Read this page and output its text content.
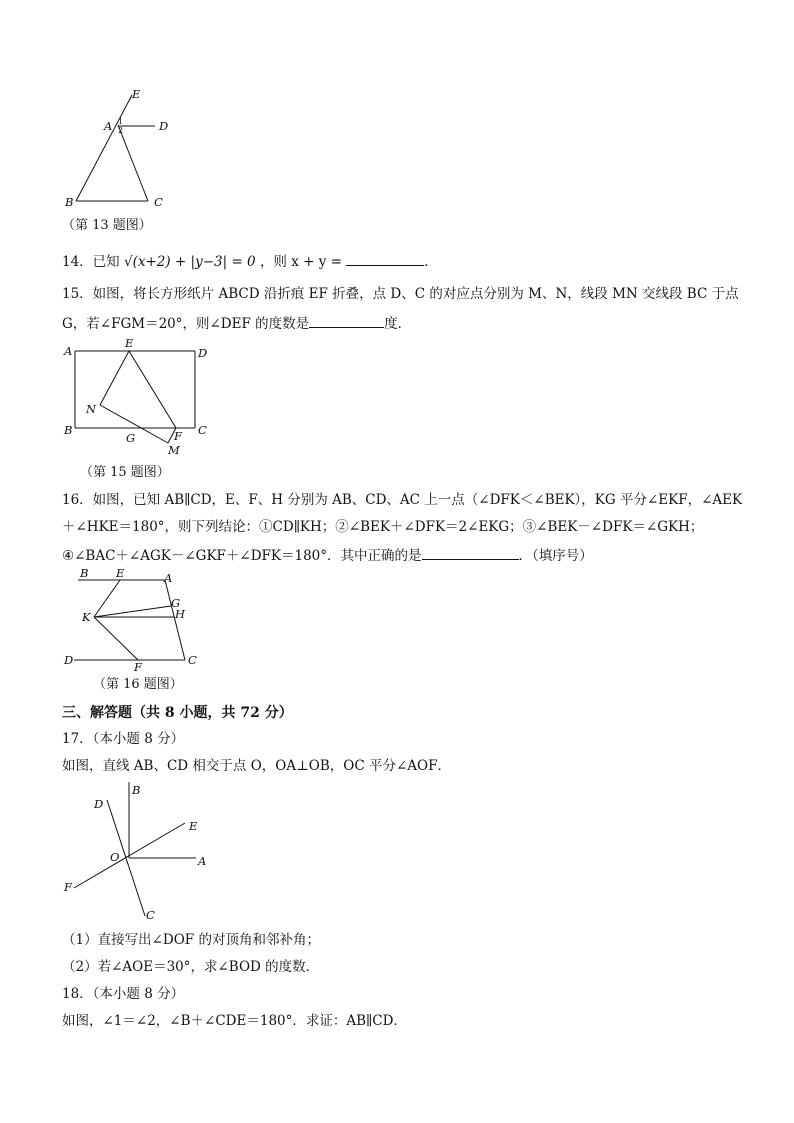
E
A 1
2	D
B	C
（第 13 题图）
14．已知 √(x+2) + |y−3| = 0 ，则 x + y =	．
15．如图，将长方形纸片 ABCD 沿折痕 EF 折叠，点 D、C 的对应点分别为 M、N，线段 MN 交线段 BC 于点
G，若∠FGM＝20°，则∠DEF 的度数是	度．
A
E
D
N
B
G	F C
M
（第 15 题图）
16．如图，已知 AB∥CD，E、F、H 分别为 AB、CD、AC 上一点（∠DFK＜∠BEK），KG 平分∠EKF，∠AEK
＋∠HKE＝180°，则下列结论：①CD∥KH；②∠BEK＋∠DFK＝2∠EKG；③∠BEK－∠DFK＝∠GKH；
④∠BAC＋∠AGK－∠GKF＋∠DFK＝180°．其中正确的是	．（填序号）
B E	A
G
K	H
D	F	C
（第 16 题图）
三、解答题（共 8 小题，共 72 分）
17．（本小题 8 分）
如图，直线 AB、CD 相交于点 O，OA⊥OB，OC 平分∠AOF．
D
B
E
O	A
F
C
（1）直接写出∠DOF 的对顶角和邻补角；
（2）若∠AOE＝30°，求∠BOD 的度数．
18．（本小题 8 分）
如图，∠1＝∠2，∠B＋∠CDE＝180°．求证：AB∥CD．
